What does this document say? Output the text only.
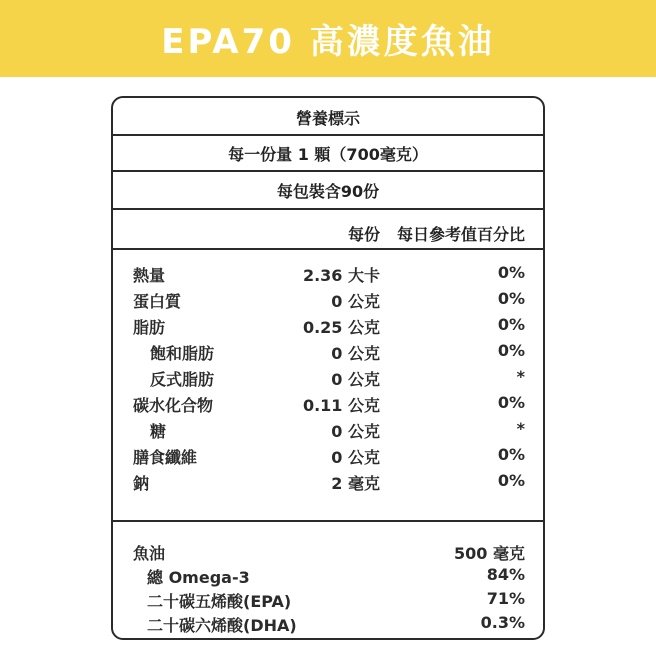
EPA70 高濃度魚油
營養標示
每一份量 1 顆（700毫克）
每包裝含90份
每份 每日參考值百分比
熱量	2.36 大卡	0%
蛋白質	0 公克	0%
脂肪	0.25 公克	0%
飽和脂肪	0 公克	0%
反式脂肪	0 公克	*
碳水化合物	0.11 公克	0%
糖	0 公克	*
膳食纖維	0 公克	0%
鈉	2 毫克	0%
魚油	500 毫克
總 Omega-3	84%
二十碳五烯酸(EPA)	71%
二十碳六烯酸(DHA)	0.3%
